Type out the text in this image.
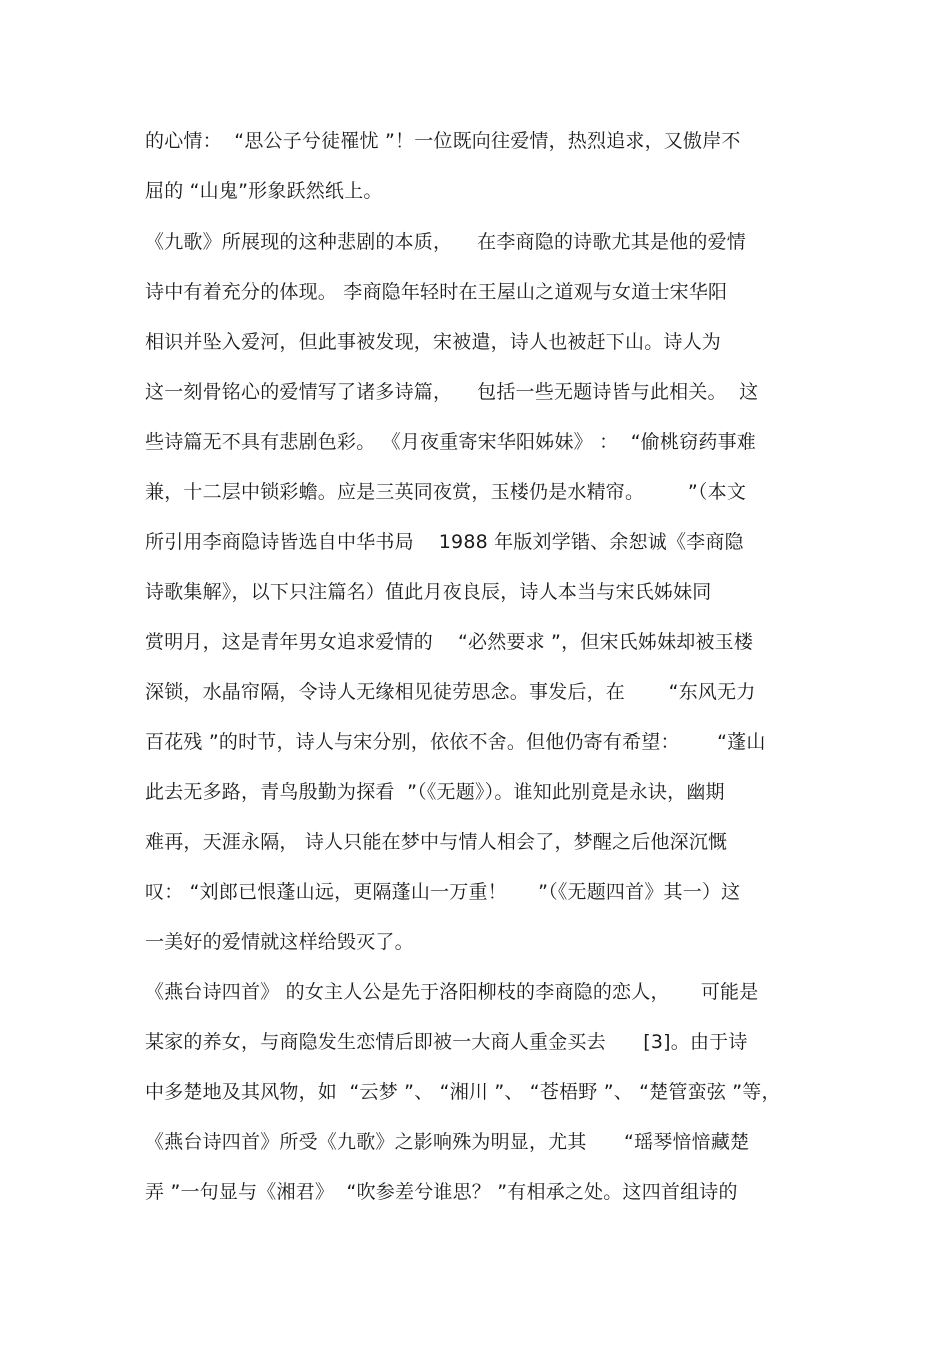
的心情：  “思公子兮徒罹忧 ”！一位既向往爱情，热烈追求，又傲岸不
屈的 “山鬼”形象跃然纸上。
《九歌》所展现的这种悲剧的本质，    在李商隐的诗歌尤其是他的爱情
诗中有着充分的体现。 李商隐年轻时在王屋山之道观与女道士宋华阳
相识并坠入爱河，但此事被发现，宋被遣，诗人也被赶下山。诗人为
这一刻骨铭心的爱情写了诸多诗篇，    包括一些无题诗皆与此相关。  这
些诗篇无不具有悲剧色彩。 《月夜重寄宋华阳姊妹》 ：  “偷桃窃药事难
兼，十二层中锁彩蟾。应是三英同夜赏，玉楼仍是水精帘。       ”（本文
所引用李商隐诗皆选自中华书局    1988 年版刘学锴、余恕诚《李商隐
诗歌集解》，以下只注篇名）值此月夜良辰，诗人本当与宋氏姊妹同
赏明月，这是青年男女追求爱情的    “必然要求 ”，但宋氏姊妹却被玉楼
深锁，水晶帘隔，令诗人无缘相见徒劳思念。事发后，在       “东风无力
百花残 ”的时节，诗人与宋分别，依依不舍。但他仍寄有希望：      “蓬山
此去无多路，青鸟殷勤为探看  ”（《无题》）。谁知此别竟是永诀，幽期
难再，天涯永隔， 诗人只能在梦中与情人相会了，梦醒之后他深沉慨
叹： “刘郎已恨蓬山远，更隔蓬山一万重！     ”（《无题四首》其一）这
一美好的爱情就这样给毁灭了。
《燕台诗四首》 的女主人公是先于洛阳柳枝的李商隐的恋人，     可能是
某家的养女，与商隐发生恋情后即被一大商人重金买去      [3]。由于诗
中多楚地及其风物，如  “云梦 ”、 “湘川 ”、 “苍梧野 ”、 “楚管蛮弦 ”等，
《燕台诗四首》所受《九歌》之影响殊为明显，尤其      “瑶琴愔愔藏楚
弄 ”一句显与《湘君》  “吹参差兮谁思？ ”有相承之处。这四首组诗的
